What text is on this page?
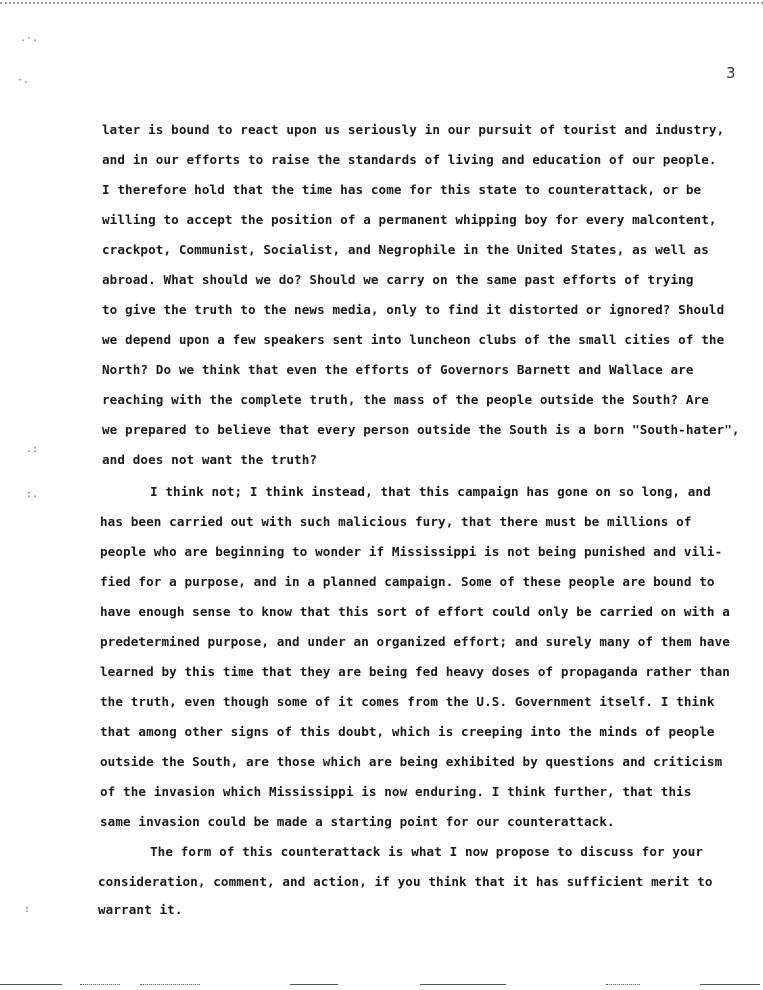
.·.
·.
.:
:.
:
3
later is bound to react upon us seriously in our pursuit of tourist and industry,
and in our efforts to raise the standards of living and education of our people.
I therefore hold that the time has come for this state to counterattack, or be
willing to accept the position of a permanent whipping boy for every malcontent,
crackpot, Communist, Socialist, and Negrophile in the United States, as well as
abroad. What should we do? Should we carry on the same past efforts of trying
to give the truth to the news media, only to find it distorted or ignored? Should
we depend upon a few speakers sent into luncheon clubs of the small cities of the
North? Do we think that even the efforts of Governors Barnett and Wallace are
reaching with the complete truth, the mass of the people outside the South? Are
we prepared to believe that every person outside the South is a born "South-hater",
and does not want the truth?
I think not; I think instead, that this campaign has gone on so long, and
has been carried out with such malicious fury, that there must be millions of
people who are beginning to wonder if Mississippi is not being punished and vili-
fied for a purpose, and in a planned campaign. Some of these people are bound to
have enough sense to know that this sort of effort could only be carried on with a
predetermined purpose, and under an organized effort; and surely many of them have
learned by this time that they are being fed heavy doses of propaganda rather than
the truth, even though some of it comes from the U.S. Government itself. I think
that among other signs of this doubt, which is creeping into the minds of people
outside the South, are those which are being exhibited by questions and criticism
of the invasion which Mississippi is now enduring. I think further, that this
same invasion could be made a starting point for our counterattack.
The form of this counterattack is what I now propose to discuss for your
consideration, comment, and action, if you think that it has sufficient merit to
warrant it.
